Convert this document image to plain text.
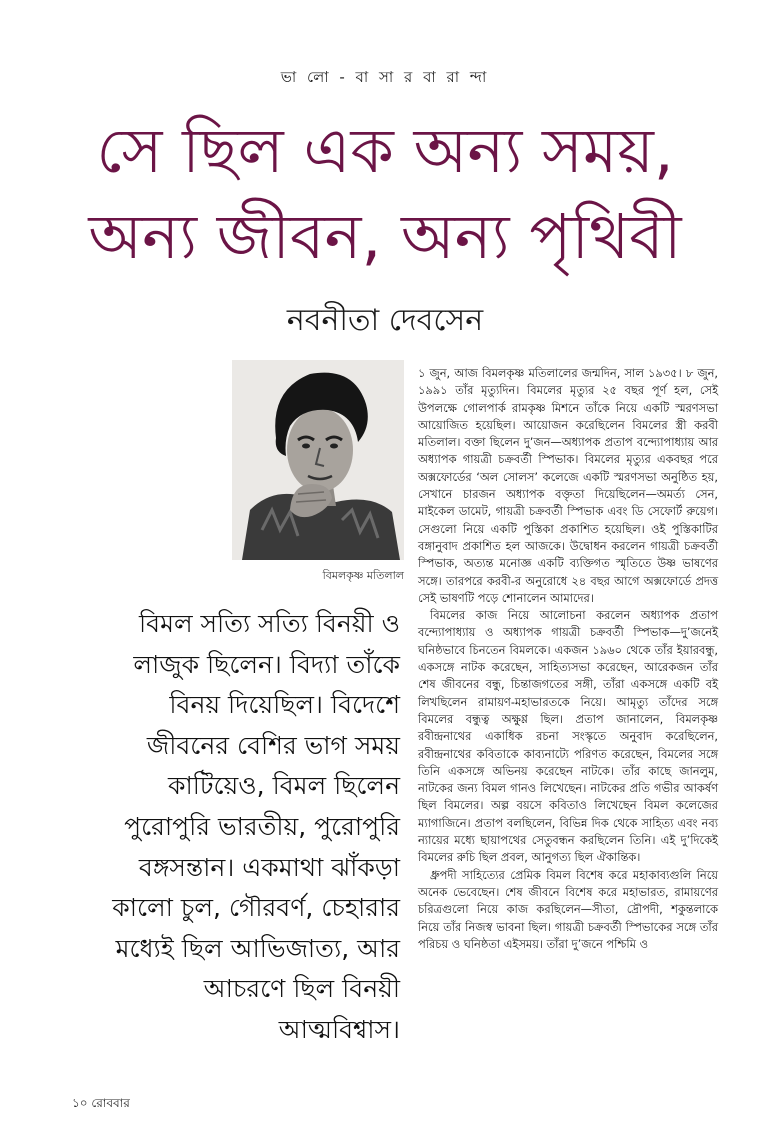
ভা লো - বা সা র বা রা ন্দা
সে ছিল এক অন্য সময়,
অন্য জীবন, অন্য পৃথিবী
নবনীতা দেবসেন
বিমলকৃষ্ণ মতিলাল

বিমল সত্যি সত্যি বিনয়ী ও লাজুক ছিলেন। বিদ্যা তাঁকে বিনয় দিয়েছিল। বিদেশে জীবনের বেশির ভাগ সময় কাটিয়েও, বিমল ছিলেন পুরোপুরি ভারতীয়, পুরোপুরি বঙ্গসন্তান। একমাথা ঝাঁকড়া কালো চুল, গৌরবর্ণ, চেহারার মধ্যেই ছিল আভিজাত্য, আর আচরণে ছিল বিনয়ী আত্মবিশ্বাস।

১ জুন, আজ বিমলকৃষ্ণ মতিলালের জন্মদিন, সাল ১৯৩৫। ৮ জুন, ১৯৯১ তাঁর মৃত্যুদিন। বিমলের মৃত্যুর ২৫ বছর পূর্ণ হল, সেই উপলক্ষে গোলপার্ক রামকৃষ্ণ মিশনে তাঁকে নিয়ে একটি স্মরণসভা আয়োজিত হয়েছিল। আয়োজন করেছিলেন বিমলের স্ত্রী করবী মতিলাল। বক্তা ছিলেন দু’জন—অধ্যাপক প্রতাপ বন্দ্যোপাধ্যায় আর অধ্যাপক গায়ত্রী চক্রবর্তী স্পিভাক। বিমলের মৃত্যুর একবছর পরে অক্সফোর্ডের ‘অল সোলস’ কলেজে একটি স্মরণসভা অনুষ্ঠিত হয়, সেখানে চারজন অধ্যাপক বক্তৃতা দিয়েছিলেন—অমর্ত্য সেন, মাইকেল ডামেট, গায়ত্রী চক্রবর্তী স্পিভাক এবং ডি সেফোর্ট রুয়েগ। সেগুলো নিয়ে একটি পুস্তিকা প্রকাশিত হয়েছিল। ওই পুস্তিকাটির বঙ্গানুবাদ প্রকাশিত হল আজকে। উদ্বোধন করলেন গায়ত্রী চক্রবর্তী স্পিভাক, অত্যন্ত মনোজ্ঞ একটি ব্যক্তিগত স্মৃতিতে উষ্ণ ভাষণের সঙ্গে। তারপরে করবী-র অনুরোধে ২৪ বছর আগে অক্সফোর্ডে প্রদত্ত সেই ভাষণটি পড়ে শোনালেন আমাদের।

বিমলের কাজ নিয়ে আলোচনা করলেন অধ্যাপক প্রতাপ বন্দ্যোপাধ্যায় ও অধ্যাপক গায়ত্রী চক্রবর্তী স্পিভাক—দু’জনেই ঘনিষ্ঠভাবে চিনতেন বিমলকে। একজন ১৯৬০ থেকে তাঁর ইয়ারবন্ধু, একসঙ্গে নাটক করেছেন, সাহিত্যসভা করেছেন, আরেকজন তাঁর শেষ জীবনের বন্ধু, চিন্তাজগতের সঙ্গী, তাঁরা একসঙ্গে একটি বই লিখছিলেন রামায়ণ-মহাভারতকে নিয়ে। আমৃত্যু তাঁদের সঙ্গে বিমলের বন্ধুত্ব অক্ষুণ্ণ ছিল। প্রতাপ জানালেন, বিমলকৃষ্ণ রবীন্দ্রনাথের একাধিক রচনা সংস্কৃতে অনুবাদ করেছিলেন, রবীন্দ্রনাথের কবিতাকে কাব্যনাট্যে পরিণত করেছেন, বিমলের সঙ্গে তিনি একসঙ্গে অভিনয় করেছেন নাটকে। তাঁর কাছে জানলুম, নাটকের জন্য বিমল গানও লিখেছেন। নাটকের প্রতি গভীর আকর্ষণ ছিল বিমলের। অল্প বয়সে কবিতাও লিখেছেন বিমল কলেজের ম্যাগাজিনে। প্রতাপ বলছিলেন, বিভিন্ন দিক থেকে সাহিত্য এবং নব্য ন্যায়ের মধ্যে ছায়াপথের সেতুবন্ধন করছিলেন তিনি। এই দু’দিকেই বিমলের রুচি ছিল প্রবল, আনুগত্য ছিল ঐকান্তিক।

ধ্রুপদী সাহিত্যের প্রেমিক বিমল বিশেষ করে মহাকাব্যগুলি নিয়ে অনেক ভেবেছেন। শেষ জীবনে বিশেষ করে মহাভারত, রামায়ণের চরিত্রগুলো নিয়ে কাজ করছিলেন—সীতা, দ্রৌপদী, শকুন্তলাকে নিয়ে তাঁর নিজস্ব ভাবনা ছিল। গায়ত্রী চক্রবর্তী স্পিভাকের সঙ্গে তাঁর পরিচয় ও ঘনিষ্ঠতা এইসময়। তাঁরা দু’জনে পশ্চিমি ও

১০ রোববার
